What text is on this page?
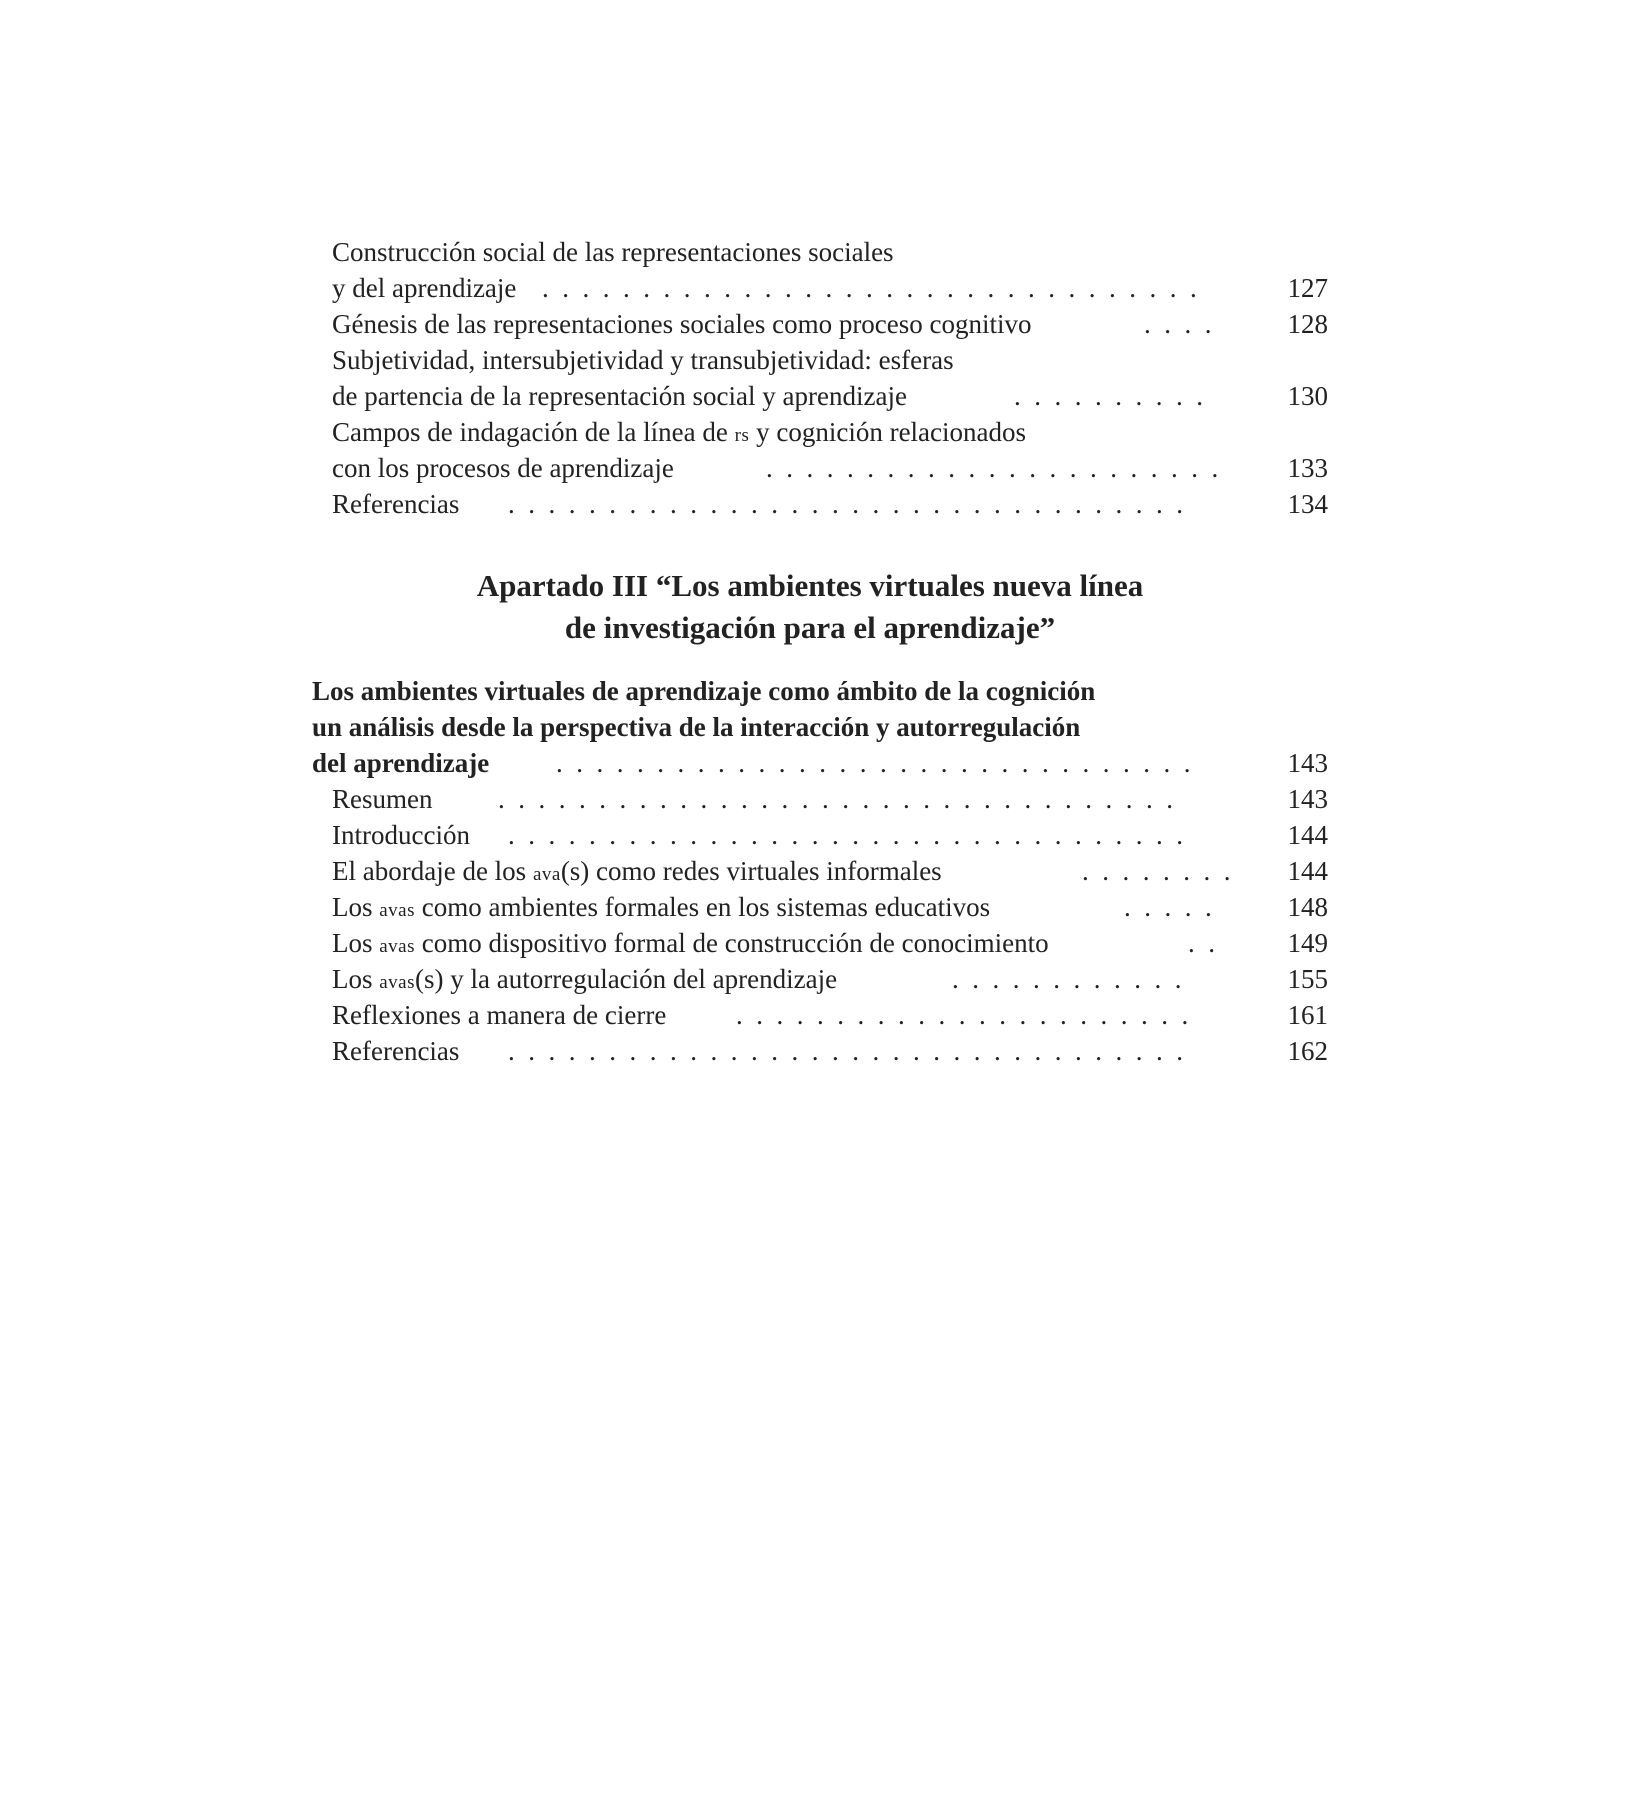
Construcción social de las representaciones sociales
y del aprendizaje .  .  .  .  .  .  .  .  .  .  .  .  .  .  .  .  .  .  .  .  .  .  .  .  .  .  .  .  .  .  .  .  .	127
Génesis de las representaciones sociales como proceso cognitivo	.  .  .  .	128
Subjetividad, intersubjetividad y transubjetividad: esferas
de partencia de la representación social y aprendizaje	.  .  .  .  .  .  .  .  .  .	130
Campos de indagación de la línea de rs y cognición relacionados
con los procesos de aprendizaje	.  .  .  .  .  .  .  .  .  .  .  .  .  .  .  .  .  .  .  .  .  .  .	133
Referencias .  .  .  .  .  .  .  .  .  .  .  .  .  .  .  .  .  .  .  .  .  .  .  .  .  .  .  .  .  .  .  .  .  .	134
Apartado III “Los ambientes virtuales nueva línea
de investigación para el aprendizaje”
Los ambientes virtuales de aprendizaje como ámbito de la cognición
un análisis desde la perspectiva de la interacción y autorregulación
del aprendizaje .  .  .  .  .  .  .  .  .  .  .  .  .  .  .  .  .  .  .  .  .  .  .  .  .  .  .  .  .  .  .  .	143
Resumen .  .  .  .  .  .  .  .  .  .  .  .  .  .  .  .  .  .  .  .  .  .  .  .  .  .  .  .  .  .  .  .  .  .	143
Introducción .  .  .  .  .  .  .  .  .  .  .  .  .  .  .  .  .  .  .  .  .  .  .  .  .  .  .  .  .  .  .  .  .  .	144
El abordaje de los ava(s) como redes virtuales informales	.  .  .  .  .  .  .  . 144
Los avas como ambientes formales en los sistemas educativos	.  .  .  .  .	148
Los avas como dispositivo formal de construcción de conocimiento	.  .	149
Los avas(s) y la autorregulación del aprendizaje	.  .  .  .  .  .  .  .  .  .  .  .	155
Reflexiones a manera de cierre	.  .  .  .  .  .  .  .  .  .  .  .  .  .  .  .  .  .  .  .  .  .  .	161
Referencias .  .  .  .  .  .  .  .  .  .  .  .  .  .  .  .  .  .  .  .  .  .  .  .  .  .  .  .  .  .  .  .  .  .	162
